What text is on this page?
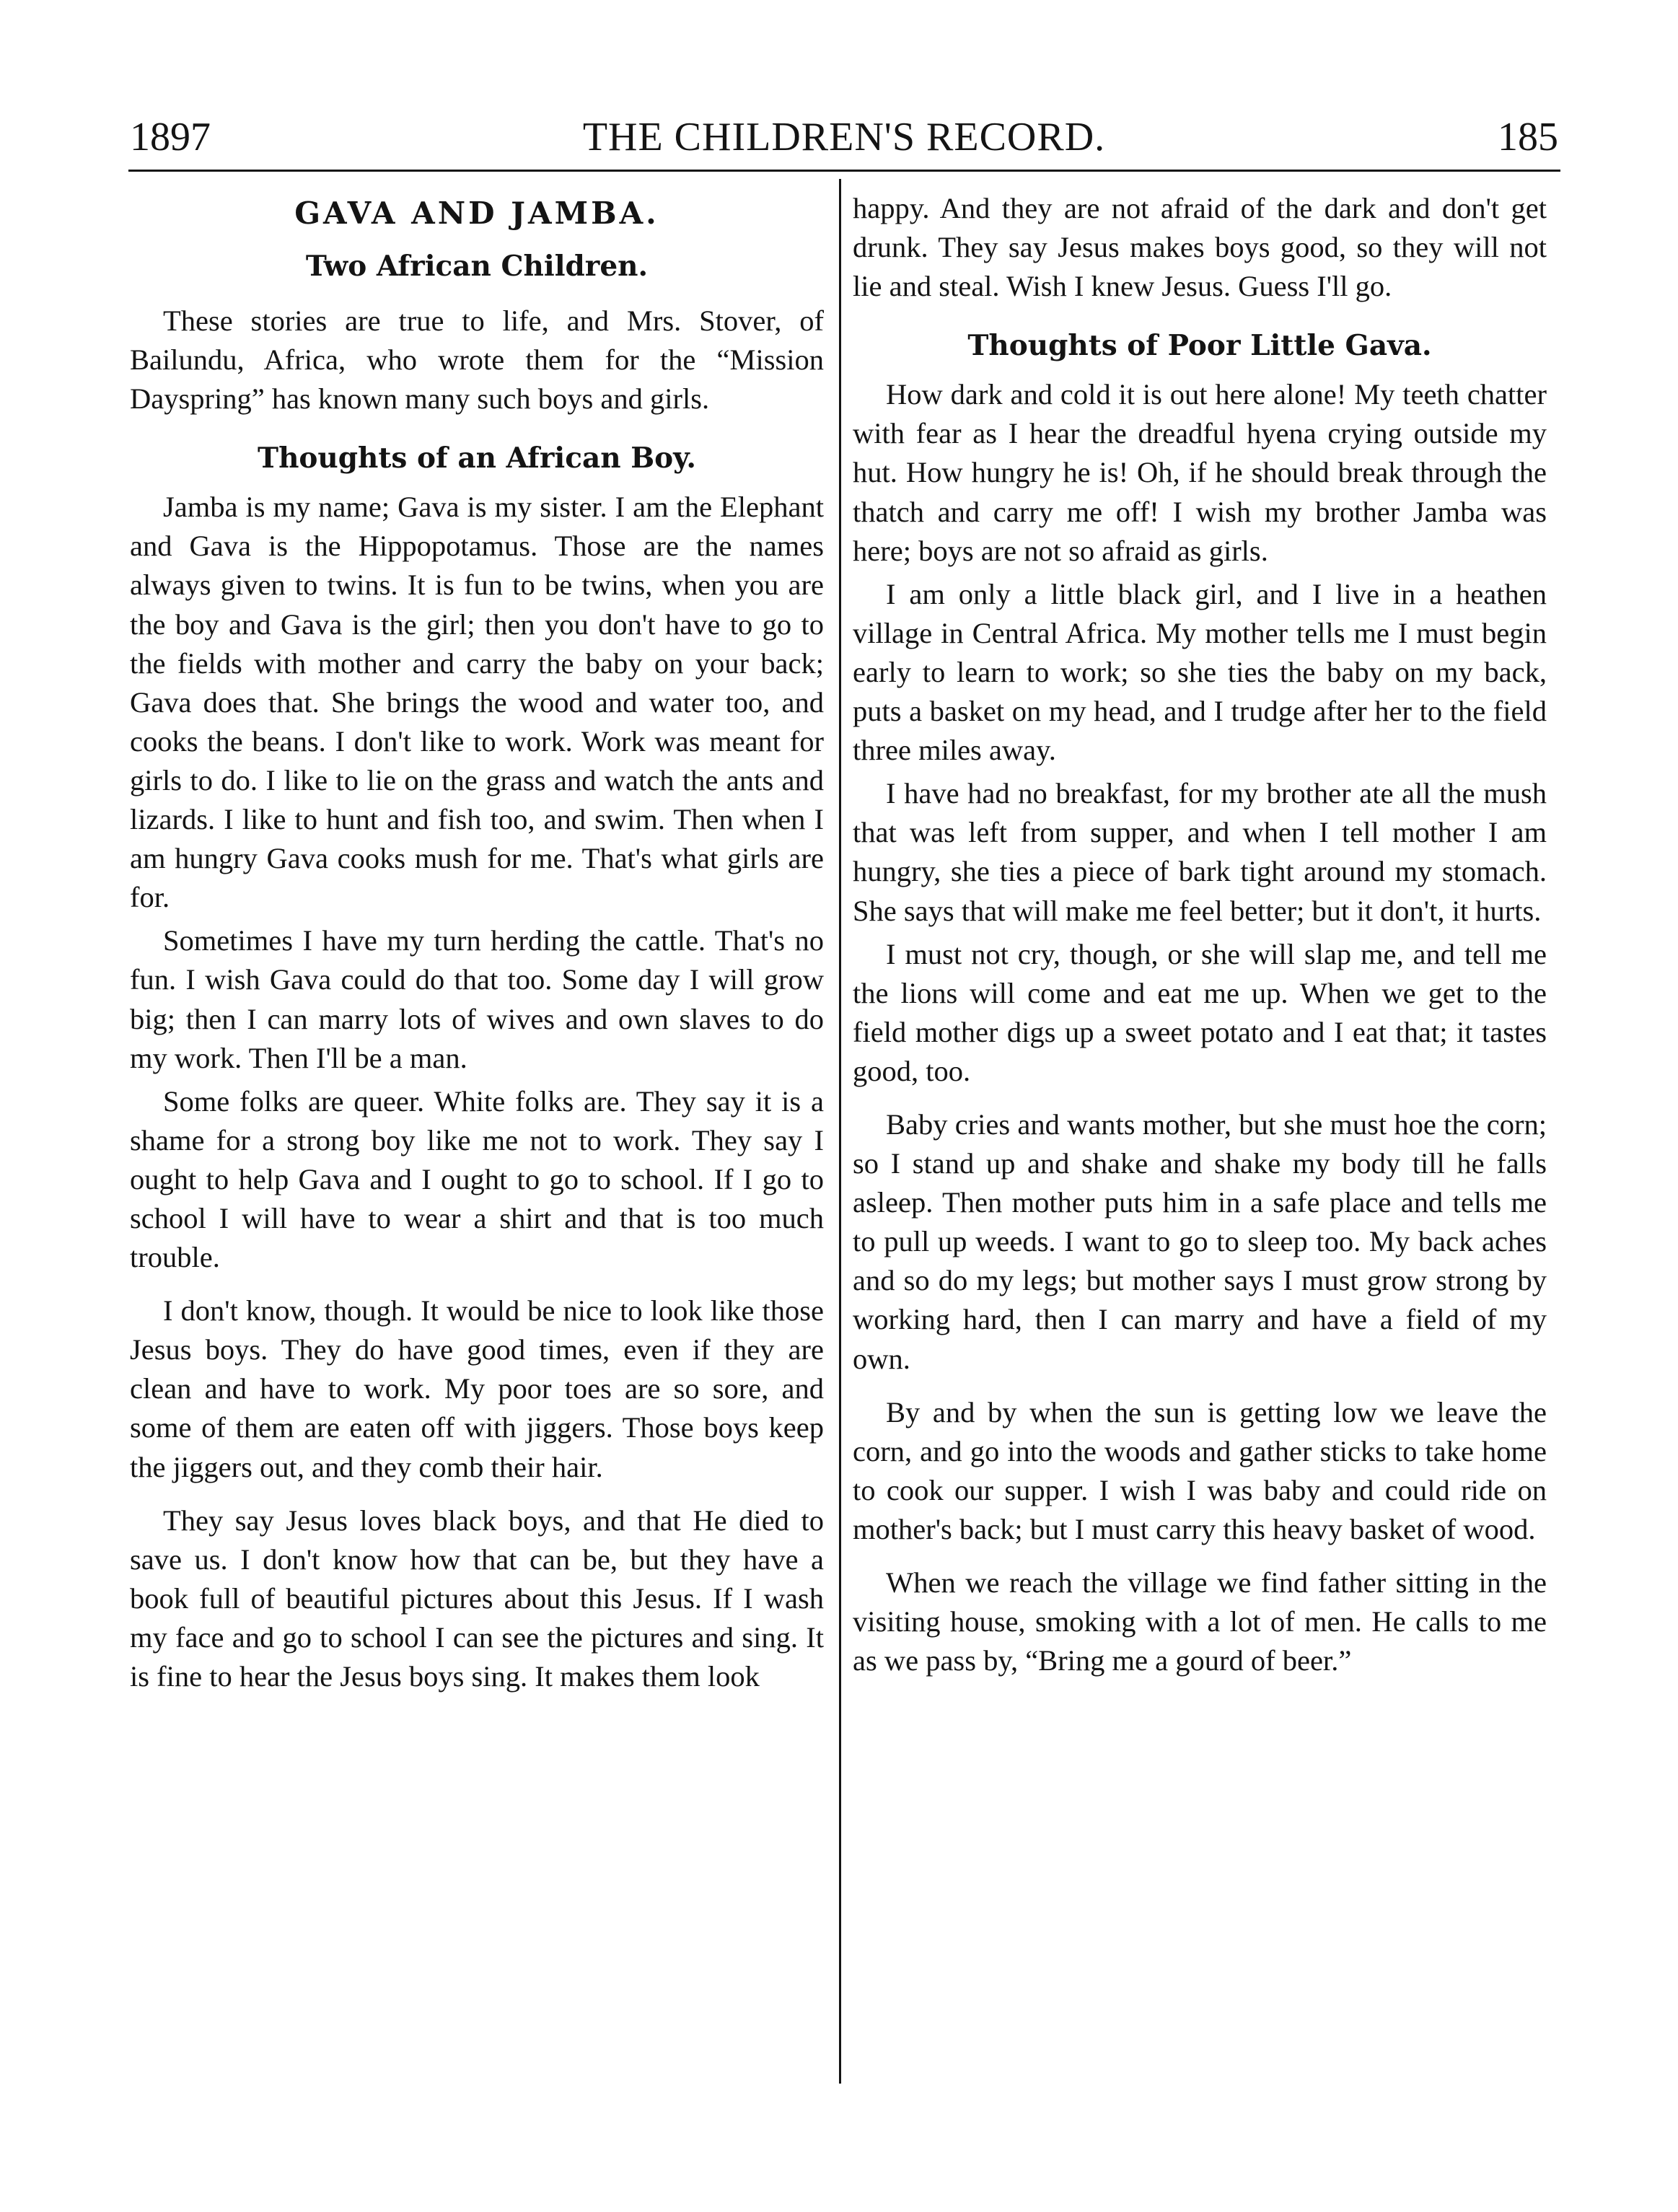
1897	THE CHILDREN'S RECORD.	185
GAVA AND JAMBA.
Two African Children.

These stories are true to life, and Mrs. Stover, of Bailundu, Africa, who wrote them for the “Mission Dayspring” has known many such boys and girls.

Thoughts of an African Boy.

Jamba is my name; Gava is my sister. I am the Elephant and Gava is the Hippopotamus. Those are the names always given to twins. It is fun to be twins, when you are the boy and Gava is the girl; then you don't have to go to the fields with mother and carry the baby on your back; Gava does that. She brings the wood and water too, and cooks the beans. I don't like to work. Work was meant for girls to do. I like to lie on the grass and watch the ants and lizards. I like to hunt and fish too, and swim. Then when I am hungry Gava cooks mush for me. That's what girls are for.

Sometimes I have my turn herding the cattle. That's no fun. I wish Gava could do that too. Some day I will grow big; then I can marry lots of wives and own slaves to do my work. Then I'll be a man.

Some folks are queer. White folks are. They say it is a shame for a strong boy like me not to work. They say I ought to help Gava and I ought to go to school. If I go to school I will have to wear a shirt and that is too much trouble.

I don't know, though. It would be nice to look like those Jesus boys. They do have good times, even if they are clean and have to work. My poor toes are so sore, and some of them are eaten off with jiggers. Those boys keep the jiggers out, and they comb their hair.

They say Jesus loves black boys, and that He died to save us. I don't know how that can be, but they have a book full of beautiful pictures about this Jesus. If I wash my face and go to school I can see the pictures and sing. It is fine to hear the Jesus boys sing. It makes them look

happy. And they are not afraid of the dark and don't get drunk. They say Jesus makes boys good, so they will not lie and steal. Wish I knew Jesus. Guess I'll go.

Thoughts of Poor Little Gava.

How dark and cold it is out here alone! My teeth chatter with fear as I hear the dreadful hyena crying outside my hut. How hungry he is! Oh, if he should break through the thatch and carry me off! I wish my brother Jamba was here; boys are not so afraid as girls.

I am only a little black girl, and I live in a heathen village in Central Africa. My mother tells me I must begin early to learn to work; so she ties the baby on my back, puts a basket on my head, and I trudge after her to the field three miles away.

I have had no breakfast, for my brother ate all the mush that was left from supper, and when I tell mother I am hungry, she ties a piece of bark tight around my stomach. She says that will make me feel better; but it don't, it hurts.

I must not cry, though, or she will slap me, and tell me the lions will come and eat me up. When we get to the field mother digs up a sweet potato and I eat that; it tastes good, too.

Baby cries and wants mother, but she must hoe the corn; so I stand up and shake and shake my body till he falls asleep. Then mother puts him in a safe place and tells me to pull up weeds. I want to go to sleep too. My back aches and so do my legs; but mother says I must grow strong by working hard, then I can marry and have a field of my own.

By and by when the sun is getting low we leave the corn, and go into the woods and gather sticks to take home to cook our supper. I wish I was baby and could ride on mother's back; but I must carry this heavy basket of wood.

When we reach the village we find father sitting in the visiting house, smoking with a lot of men. He calls to me as we pass by, “Bring me a gourd of beer.”
